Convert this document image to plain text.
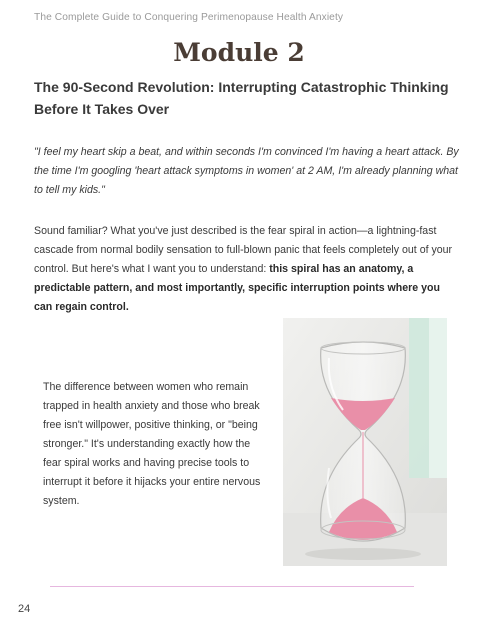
The Complete Guide to Conquering Perimenopause Health Anxiety
Module 2
The 90-Second Revolution: Interrupting Catastrophic Thinking Before It Takes Over
"I feel my heart skip a beat, and within seconds I'm convinced I'm having a heart attack. By the time I'm googling 'heart attack symptoms in women' at 2 AM, I'm already planning what to tell my kids."
Sound familiar? What you've just described is the fear spiral in action—a lightning-fast cascade from normal bodily sensation to full-blown panic that feels completely out of your control. But here's what I want you to understand: this spiral has an anatomy, a predictable pattern, and most importantly, specific interruption points where you can regain control.
The difference between women who remain trapped in health anxiety and those who break free isn't willpower, positive thinking, or "being stronger." It's understanding exactly how the fear spiral works and having precise tools to interrupt it before it hijacks your entire nervous system.
24
